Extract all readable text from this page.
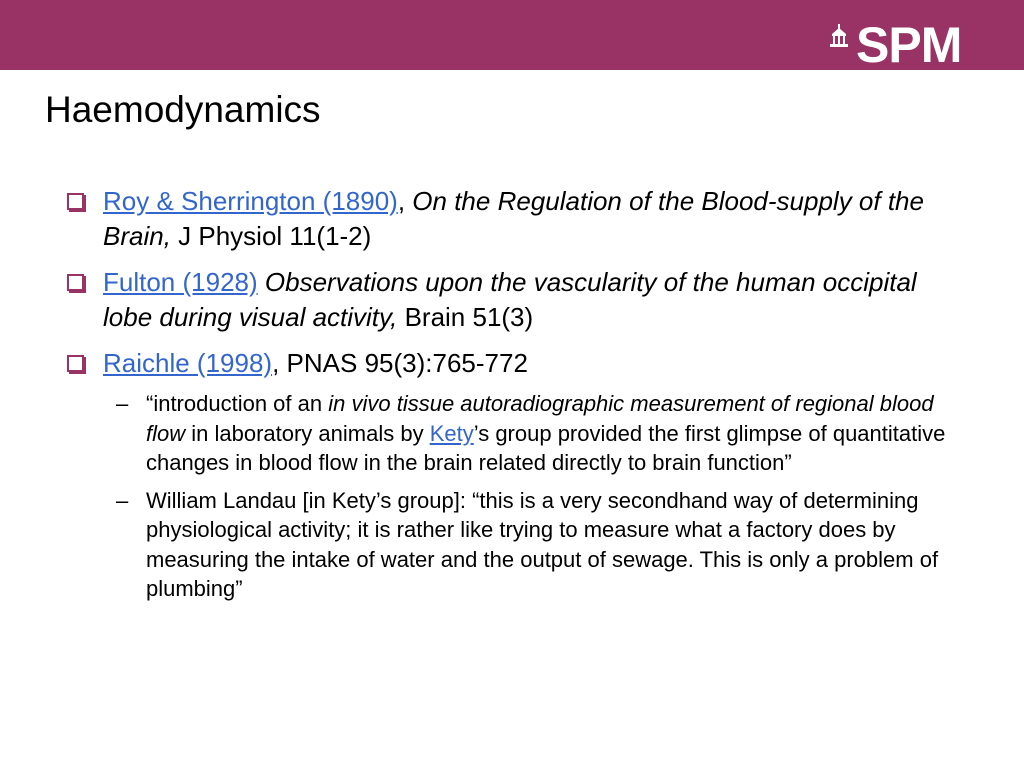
SPM
Haemodynamics
Roy & Sherrington (1890), On the Regulation of the Blood-supply of the Brain, J Physiol 11(1-2)
Fulton (1928) Observations upon the vascularity of the human occipital lobe during visual activity, Brain 51(3)
Raichle (1998), PNAS 95(3):765-772
– “introduction of an in vivo tissue autoradiographic measurement of regional blood flow in laboratory animals by Kety’s group provided the first glimpse of quantitative changes in blood flow in the brain related directly to brain function”
– William Landau [in Kety’s group]: “this is a very secondhand way of determining physiological activity; it is rather like trying to measure what a factory does by measuring the intake of water and the output of sewage. This is only a problem of plumbing”
